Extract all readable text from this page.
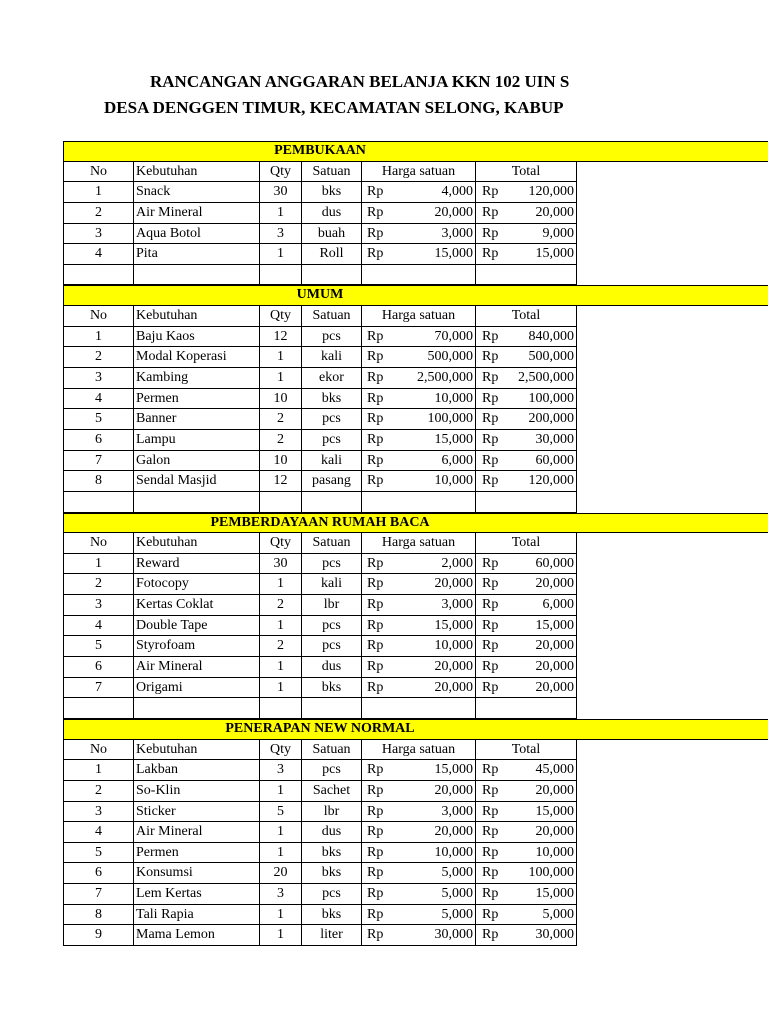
RANCANGAN ANGGARAN BELANJA KKN 102 UIN S
DESA DENGGEN TIMUR, KECAMATAN SELONG, KABUP
PEMBUKAAN
No	Kebutuhan	Qty	Satuan	Harga satuan	Total
1	Snack	30	bks	Rp	4,000 Rp	120,000
2	Air Mineral	1	dus	Rp	20,000 Rp	20,000
3	Aqua Botol	3	buah	Rp	3,000 Rp	9,000
4	Pita	1	Roll	Rp	15,000 Rp	15,000
UMUM
No	Kebutuhan	Qty	Satuan	Harga satuan	Total
1	Baju Kaos	12	pcs	Rp	70,000 Rp	840,000
2	Modal Koperasi	1	kali	Rp	500,000 Rp	500,000
3	Kambing	1	ekor	Rp	2,500,000 Rp	2,500,000
4	Permen	10	bks	Rp	10,000 Rp	100,000
5	Banner	2	pcs	Rp	100,000 Rp	200,000
6	Lampu	2	pcs	Rp	15,000 Rp	30,000
7	Galon	10	kali	Rp	6,000 Rp	60,000
8	Sendal Masjid	12	pasang	Rp	10,000 Rp	120,000
PEMBERDAYAAN RUMAH BACA
No	Kebutuhan	Qty	Satuan	Harga satuan	Total
1	Reward	30	pcs	Rp	2,000 Rp	60,000
2	Fotocopy	1	kali	Rp	20,000 Rp	20,000
3	Kertas Coklat	2	lbr	Rp	3,000 Rp	6,000
4	Double Tape	1	pcs	Rp	15,000 Rp	15,000
5	Styrofoam	2	pcs	Rp	10,000 Rp	20,000
6	Air Mineral	1	dus	Rp	20,000 Rp	20,000
7	Origami	1	bks	Rp	20,000 Rp	20,000
PENERAPAN NEW NORMAL
No	Kebutuhan	Qty	Satuan	Harga satuan	Total
1	Lakban	3	pcs	Rp	15,000 Rp	45,000
2	So-Klin	1	Sachet	Rp	20,000 Rp	20,000
3	Sticker	5	lbr	Rp	3,000 Rp	15,000
4	Air Mineral	1	dus	Rp	20,000 Rp	20,000
5	Permen	1	bks	Rp	10,000 Rp	10,000
6	Konsumsi	20	bks	Rp	5,000 Rp	100,000
7	Lem Kertas	3	pcs	Rp	5,000 Rp	15,000
8	Tali Rapia	1	bks	Rp	5,000 Rp	5,000
9	Mama Lemon	1	liter	Rp	30,000 Rp	30,000
